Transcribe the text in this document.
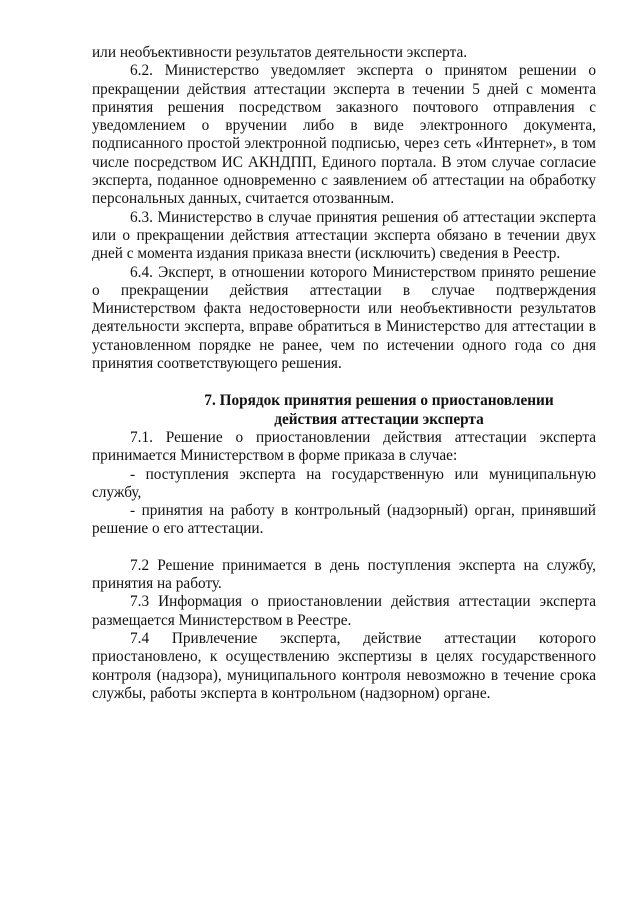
или необъективности результатов деятельности эксперта.

6.2. Министерство уведомляет эксперта о принятом решении о прекращении действия аттестации эксперта в течении 5 дней с момента принятия решения посредством заказного почтового отправления с уведомлением о вручении либо в виде электронного документа, подписанного простой электронной подписью, через сеть «Интернет», в том числе посредством ИС АКНДПП, Единого портала. В этом случае согласие эксперта, поданное одновременно с заявлением об аттестации на обработку персональных данных, считается отозванным.

6.3. Министерство в случае принятия решения об аттестации эксперта или о прекращении действия аттестации эксперта обязано в течении двух дней с момента издания приказа внести (исключить) сведения в Реестр.

6.4. Эксперт, в отношении которого Министерством принято решение о прекращении действия аттестации в случае подтверждения Министерством факта недостоверности или необъективности результатов деятельности эксперта, вправе обратиться в Министерство для аттестации в установленном порядке не ранее, чем по истечении одного года со дня принятия соответствующего решения.

7. Порядок принятия решения о приостановлении

действия аттестации эксперта

7.1. Решение о приостановлении действия аттестации эксперта принимается Министерством в форме приказа в случае:

- поступления эксперта на государственную или муниципальную службу,

- принятия на работу в контрольный (надзорный) орган, принявший решение о его аттестации.

7.2 Решение принимается в день поступления эксперта на службу, принятия на работу.

7.3 Информация о приостановлении действия аттестации эксперта размещается Министерством в Реестре.

7.4 Привлечение эксперта, действие аттестации которого приостановлено, к осуществлению экспертизы в целях государственного контроля (надзора), муниципального контроля невозможно в течение срока службы, работы эксперта в контрольном (надзорном) органе.
